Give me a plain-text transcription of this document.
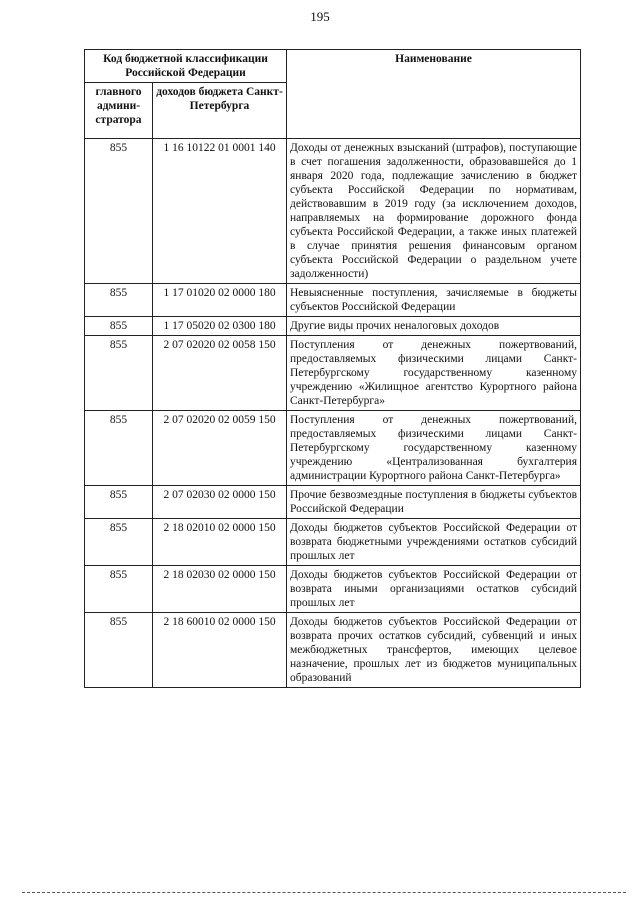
195
Код бюджетной классификации Российской Федерации		Наименование
главного админи-стратора	доходов бюджета Санкт-Петербурга	
855	1 16 10122 01 0001 140	Доходы от денежных взысканий (штрафов), поступающие в счет погашения задолженности, образовавшейся до 1 января 2020 года, подлежащие зачислению в бюджет субъекта Российской Федерации по нормативам, действовавшим в 2019 году (за исключением доходов, направляемых на формирование дорожного фонда субъекта Российской Федерации, а также иных платежей в случае принятия решения финансовым органом субъекта Российской Федерации о раздельном учете задолженности)
855	1 17 01020 02 0000 180	Невыясненные поступления, зачисляемые в бюджеты субъектов Российской Федерации
855	1 17 05020 02 0300 180	Другие виды прочих неналоговых доходов
855	2 07 02020 02 0058 150	Поступления от денежных пожертвований, предоставляемых физическими лицами Санкт-Петербургскому государственному казенному учреждению «Жилищное агентство Курортного района Санкт-Петербурга»
855	2 07 02020 02 0059 150	Поступления от денежных пожертвований, предоставляемых физическими лицами Санкт-Петербургскому государственному казенному учреждению «Централизованная бухгалтерия администрации Курортного района Санкт-Петербурга»
855	2 07 02030 02 0000 150	Прочие безвозмездные поступления в бюджеты субъектов Российской Федерации
855	2 18 02010 02 0000 150	Доходы бюджетов субъектов Российской Федерации от возврата бюджетными учреждениями остатков субсидий прошлых лет
855	2 18 02030 02 0000 150	Доходы бюджетов субъектов Российской Федерации от возврата иными организациями остатков субсидий прошлых лет
855	2 18 60010 02 0000 150	Доходы бюджетов субъектов Российской Федерации от возврата прочих остатков субсидий, субвенций и иных межбюджетных трансфертов, имеющих целевое назначение, прошлых лет из бюджетов муниципальных образований
